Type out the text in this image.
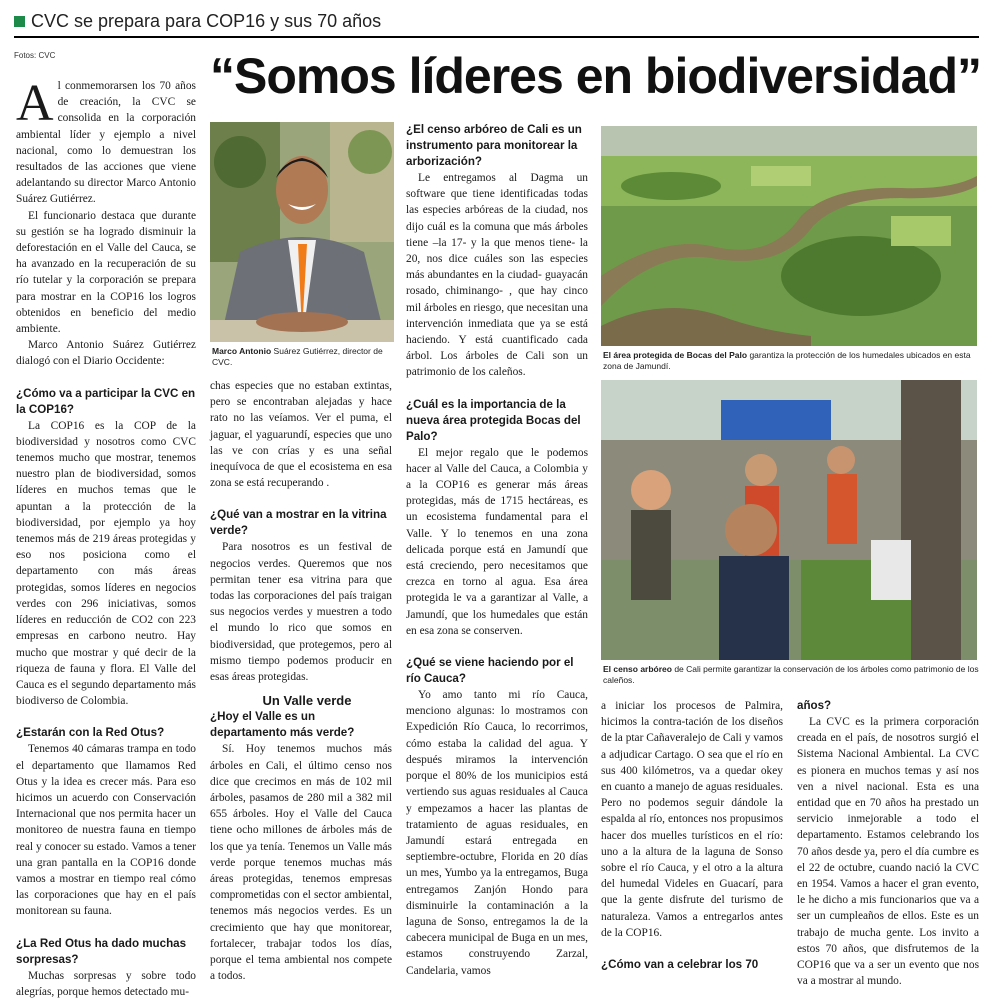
CVC se prepara para COP16 y sus 70 años
Fotos: CVC	“Somos líderes en biodiversidad”

Al conmemorarsen los 70 años de creación, la CVC se consolida en la corporación ambiental líder y ejemplo a nivel nacional, como lo demuestran los resultados de las acciones que viene adelantando su director Marco Antonio Suárez Gutiérrez.

El funcionario destaca que durante su gestión se ha logrado disminuir la deforestación en el Valle del Cauca, se ha avanzado en la recuperación de su río tutelar y la corporación se prepara para mostrar en la COP16 los logros obtenidos en beneficio del medio ambiente.

Marco Antonio Suárez Gutiérrez dialogó con el Diario Occidente:

¿Cómo va a participar la CVC en la COP16?

La COP16 es la COP de la biodiversidad y nosotros como CVC tenemos mucho que mostrar, tenemos nuestro plan de biodiversidad, somos líderes en muchos temas que le apuntan a la protección de la biodiversidad, por ejemplo ya hoy tenemos más de 219 áreas protegidas y eso nos posiciona como el departamento con más áreas protegidas, somos líderes en negocios verdes con 296 iniciativas, somos líderes en reducción de CO2 con 223 empresas en carbono neutro. Hay mucho que mostrar y qué decir de la riqueza de fauna y flora. El Valle del Cauca es el segundo departamento más biodiverso de Colombia.

¿Estarán con la Red Otus?

Tenemos 40 cámaras trampa en todo el departamento que llamamos Red Otus y la idea es crecer más. Para eso hicimos un acuerdo con Conservación Internacional que nos permita hacer un monitoreo de nuestra fauna en tiempo real y conocer su estado. Vamos a tener una gran pantalla en la COP16 donde vamos a mostrar en tiempo real cómo las corporaciones que hay en el país monitorean su fauna.

¿La Red Otus ha dado muchas sorpresas?

Muchas sorpresas y sobre todo alegrías, porque hemos detectado mu-

Marco Antonio Suárez Gutiérrez, director de CVC.

chas especies que no estaban extintas, pero se encontraban alejadas y hace rato no las veíamos. Ver el puma, el jaguar, el yaguarundí, especies que uno las ve con crías y es una señal inequívoca de que el ecosistema en esa zona se está recuperando .

¿Qué van a mostrar en la vitrina verde?

Para nosotros es un festival de negocios verdes. Queremos que nos permitan tener esa vitrina para que todas las corporaciones del país traigan sus negocios verdes y muestren a todo el mundo lo rico que somos en biodiversidad, que protegemos, pero al mismo tiempo podemos producir en esas áreas protegidas.

Un Valle verde

¿Hoy el Valle es un departamento más verde?

Sí. Hoy tenemos muchos más árboles en Cali, el último censo nos dice que crecimos en más de 102 mil árboles, pasamos de 280 mil a 382 mil 655 árboles. Hoy el Valle del Cauca tiene ocho millones de árboles más de los que ya tenía. Tenemos un Valle más verde porque tenemos muchas más áreas protegidas, tenemos empresas comprometidas con el sector ambiental, tenemos más negocios verdes. Es un crecimiento que hay que monitorear, fortalecer, trabajar todos los días, porque el tema ambiental nos compete a todos.

¿El censo arbóreo de Cali es un instrumento para monitorear la arborización?

Le entregamos al Dagma un software que tiene identificadas todas las especies arbóreas de la ciudad, nos dijo cuál es la comuna que más árboles tiene –la 17- y la que menos tiene- la 20, nos dice cuáles son las especies más abundantes en la ciudad- guayacán rosado, chiminango- , que hay cinco mil árboles en riesgo, que necesitan una intervención inmediata que ya se está haciendo. Y está cuantificado cada árbol. Los árboles de Cali son un patrimonio de los caleños.

¿Cuál es la importancia de la nueva área protegida Bocas del Palo?

El mejor regalo que le podemos hacer al Valle del Cauca, a Colombia y a la COP16 es generar más áreas protegidas, más de 1715 hectáreas, es un ecosistema fundamental para el Valle. Y lo tenemos en una zona delicada porque está en Jamundí que está creciendo, pero necesitamos que crezca en torno al agua. Esa área protegida le va a garantizar al Valle, a Jamundí, que los humedales que están en esa zona se conserven.

¿Qué se viene haciendo por el río Cauca?

Yo amo tanto mi río Cauca, menciono algunas: lo mostramos con Expedición Río Cauca, lo recorrimos, cómo estaba la calidad del agua. Y después miramos la intervención porque el 80% de los municipios está vertiendo sus aguas residuales al Cauca y empezamos a hacer las plantas de tratamiento de aguas residuales, en Jamundí estará entregada en septiembre-octubre, Florida en 20 días un mes, Yumbo ya la entregamos, Buga entregamos Zanjón Hondo para disminuirle la contaminación a la laguna de Sonso, entregamos la de la cabecera municipal de Buga en un mes, estamos construyendo Zarzal, Candelaria, vamos

El área protegida de Bocas del Palo garantiza la protección de los humedales ubicados en esta zona de Jamundí.
El censo arbóreo de Cali permite garantizar la conservación de los árboles como patrimonio de los caleños.

a iniciar los procesos de Palmira, hicimos la contra-tación de los diseños de la ptar Cañaveralejo de Cali y vamos a adjudicar Cartago. O sea que el río en sus 400 kilómetros, va a quedar okey en cuanto a manejo de aguas residuales. Pero no podemos seguir dándole la espalda al río, entonces nos propusimos hacer dos muelles turísticos en el río: uno a la altura de la laguna de Sonso sobre el río Cauca, y el otro a la altura del humedal Videles en Guacarí, para que la gente disfrute del turismo de naturaleza. Vamos a entregarlos antes de la COP16.

¿Cómo van a celebrar los 70

años?

La CVC es la primera corporación creada en el país, de nosotros surgió el Sistema Nacional Ambiental. La CVC es pionera en muchos temas y así nos ven a nivel nacional. Esta es una entidad que en 70 años ha prestado un servicio inmejorable a todo el departamento. Estamos celebrando los 70 años desde ya, pero el día cumbre es el 22 de octubre, cuando nació la CVC en 1954. Vamos a hacer el gran evento, le he dicho a mis funcionarios que va a ser un cumpleaños de ellos. Este es un trabajo de mucha gente. Los invito a estos 70 años, que disfrutemos de la COP16 que va a ser un evento que nos va a mostrar al mundo.
